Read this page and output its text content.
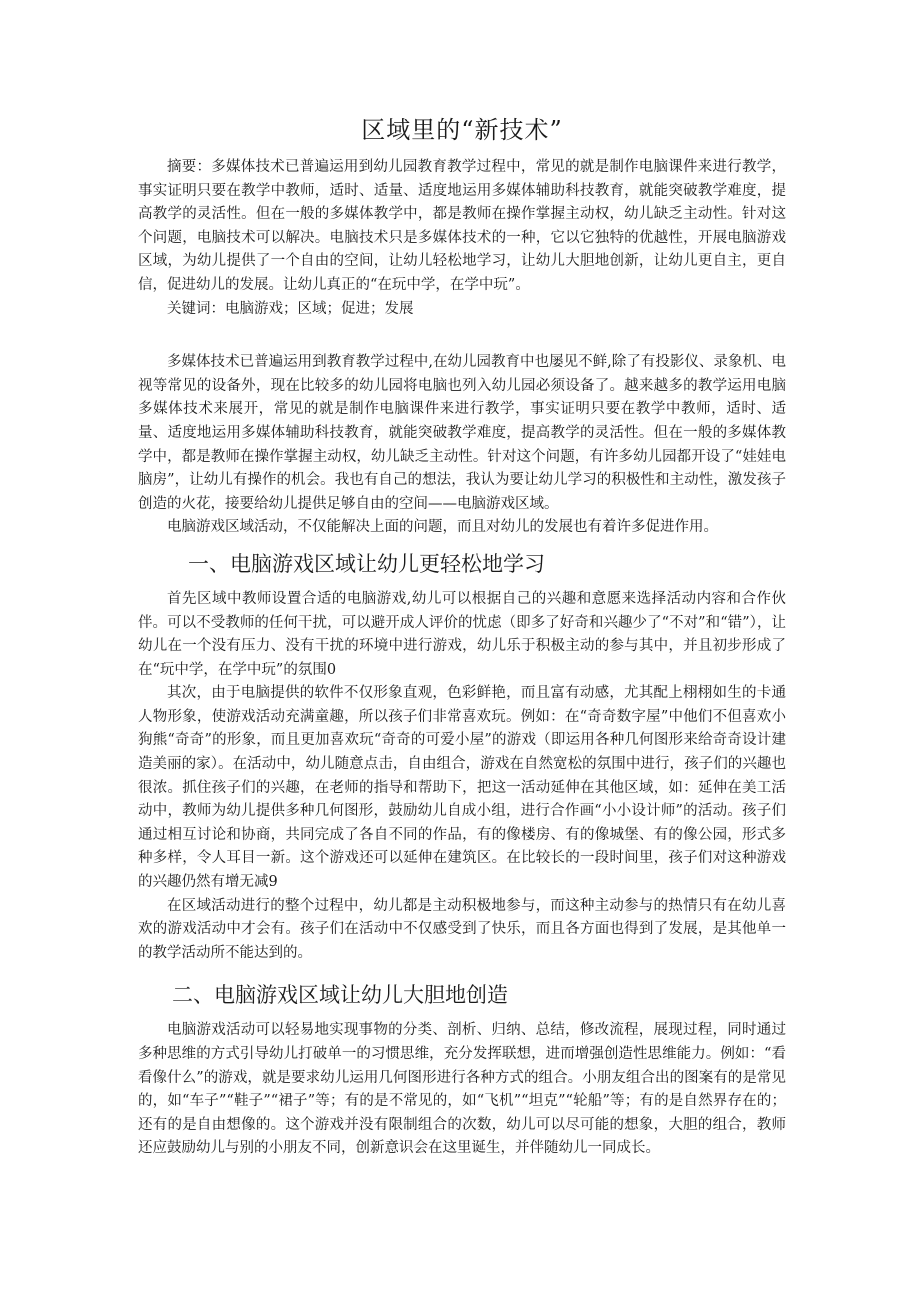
区域里的“新技术”

摘要：多媒体技术已普遍运用到幼儿园教育教学过程中，常见的就是制作电脑课件来进行教学，事实证明只要在教学中教师，适时、适量、适度地运用多媒体辅助科技教育，就能突破教学难度，提高教学的灵活性。但在一般的多媒体教学中，都是教师在操作掌握主动权，幼儿缺乏主动性。针对这个问题，电脑技术可以解决。电脑技术只是多媒体技术的一种，它以它独特的优越性，开展电脑游戏区域，为幼儿提供了一个自由的空间，让幼儿轻松地学习，让幼儿大胆地创新，让幼儿更自主，更自信，促进幼儿的发展。让幼儿真正的“在玩中学，在学中玩”。

关键词：电脑游戏；区域；促进；发展

多媒体技术已普遍运用到教育教学过程中,在幼儿园教育中也屡见不鲜,除了有投影仪、录象机、电视等常见的设备外，现在比较多的幼儿园将电脑也列入幼儿园必须设备了。越来越多的教学运用电脑多媒体技术来展开，常见的就是制作电脑课件来进行教学，事实证明只要在教学中教师，适时、适量、适度地运用多媒体辅助科技教育，就能突破教学难度，提高教学的灵活性。但在一般的多媒体教学中，都是教师在操作掌握主动权，幼儿缺乏主动性。针对这个问题，有许多幼儿园都开设了“娃娃电脑房”，让幼儿有操作的机会。我也有自己的想法，我认为要让幼儿学习的积极性和主动性，激发孩子创造的火花，接要给幼儿提供足够自由的空间——电脑游戏区域。

电脑游戏区域活动，不仅能解决上面的问题，而且对幼儿的发展也有着许多促进作用。

一、电脑游戏区域让幼儿更轻松地学习

首先区域中教师设置合适的电脑游戏,幼儿可以根据自己的兴趣和意愿来选择活动内容和合作伙伴。可以不受教师的任何干扰，可以避开成人评价的忧虑（即多了好奇和兴趣少了“不对”和“错”），让幼儿在一个没有压力、没有干扰的环境中进行游戏，幼儿乐于积极主动的参与其中，并且初步形成了在“玩中学，在学中玩”的氛围0

其次，由于电脑提供的软件不仅形象直观，色彩鲜艳，而且富有动感，尤其配上栩栩如生的卡通人物形象，使游戏活动充满童趣，所以孩子们非常喜欢玩。例如：在“奇奇数字屋”中他们不但喜欢小狗熊“奇奇”的形象，而且更加喜欢玩“奇奇的可爱小屋”的游戏（即运用各种几何图形来给奇奇设计建造美丽的家）。在活动中，幼儿随意点击，自由组合，游戏在自然宽松的氛围中进行，孩子们的兴趣也很浓。抓住孩子们的兴趣，在老师的指导和帮助下，把这一活动延伸在其他区域，如：延伸在美工活动中，教师为幼儿提供多种几何图形，鼓励幼儿自成小组，进行合作画“小小设计师”的活动。孩子们通过相互讨论和协商，共同完成了各自不同的作品，有的像楼房、有的像城堡、有的像公园，形式多种多样，令人耳目一新。这个游戏还可以延伸在建筑区。在比较长的一段时间里，孩子们对这种游戏的兴趣仍然有增无减9

在区域活动进行的整个过程中，幼儿都是主动积极地参与，而这种主动参与的热情只有在幼儿喜欢的游戏活动中才会有。孩子们在活动中不仅感受到了快乐，而且各方面也得到了发展，是其他单一的教学活动所不能达到的。

二、电脑游戏区域让幼儿大胆地创造

电脑游戏活动可以轻易地实现事物的分类、剖析、归纳、总结，修改流程，展现过程，同时通过多种思维的方式引导幼儿打破单一的习惯思维，充分发挥联想，进而增强创造性思维能力。例如：“看看像什么”的游戏，就是要求幼儿运用几何图形进行各种方式的组合。小朋友组合出的图案有的是常见的，如“车子”“鞋子”“裙子”等；有的是不常见的，如“飞机”“坦克”“轮船”等；有的是自然界存在的；还有的是自由想像的。这个游戏并没有限制组合的次数，幼儿可以尽可能的想象，大胆的组合，教师还应鼓励幼儿与别的小朋友不同，创新意识会在这里诞生，并伴随幼儿一同成长。
